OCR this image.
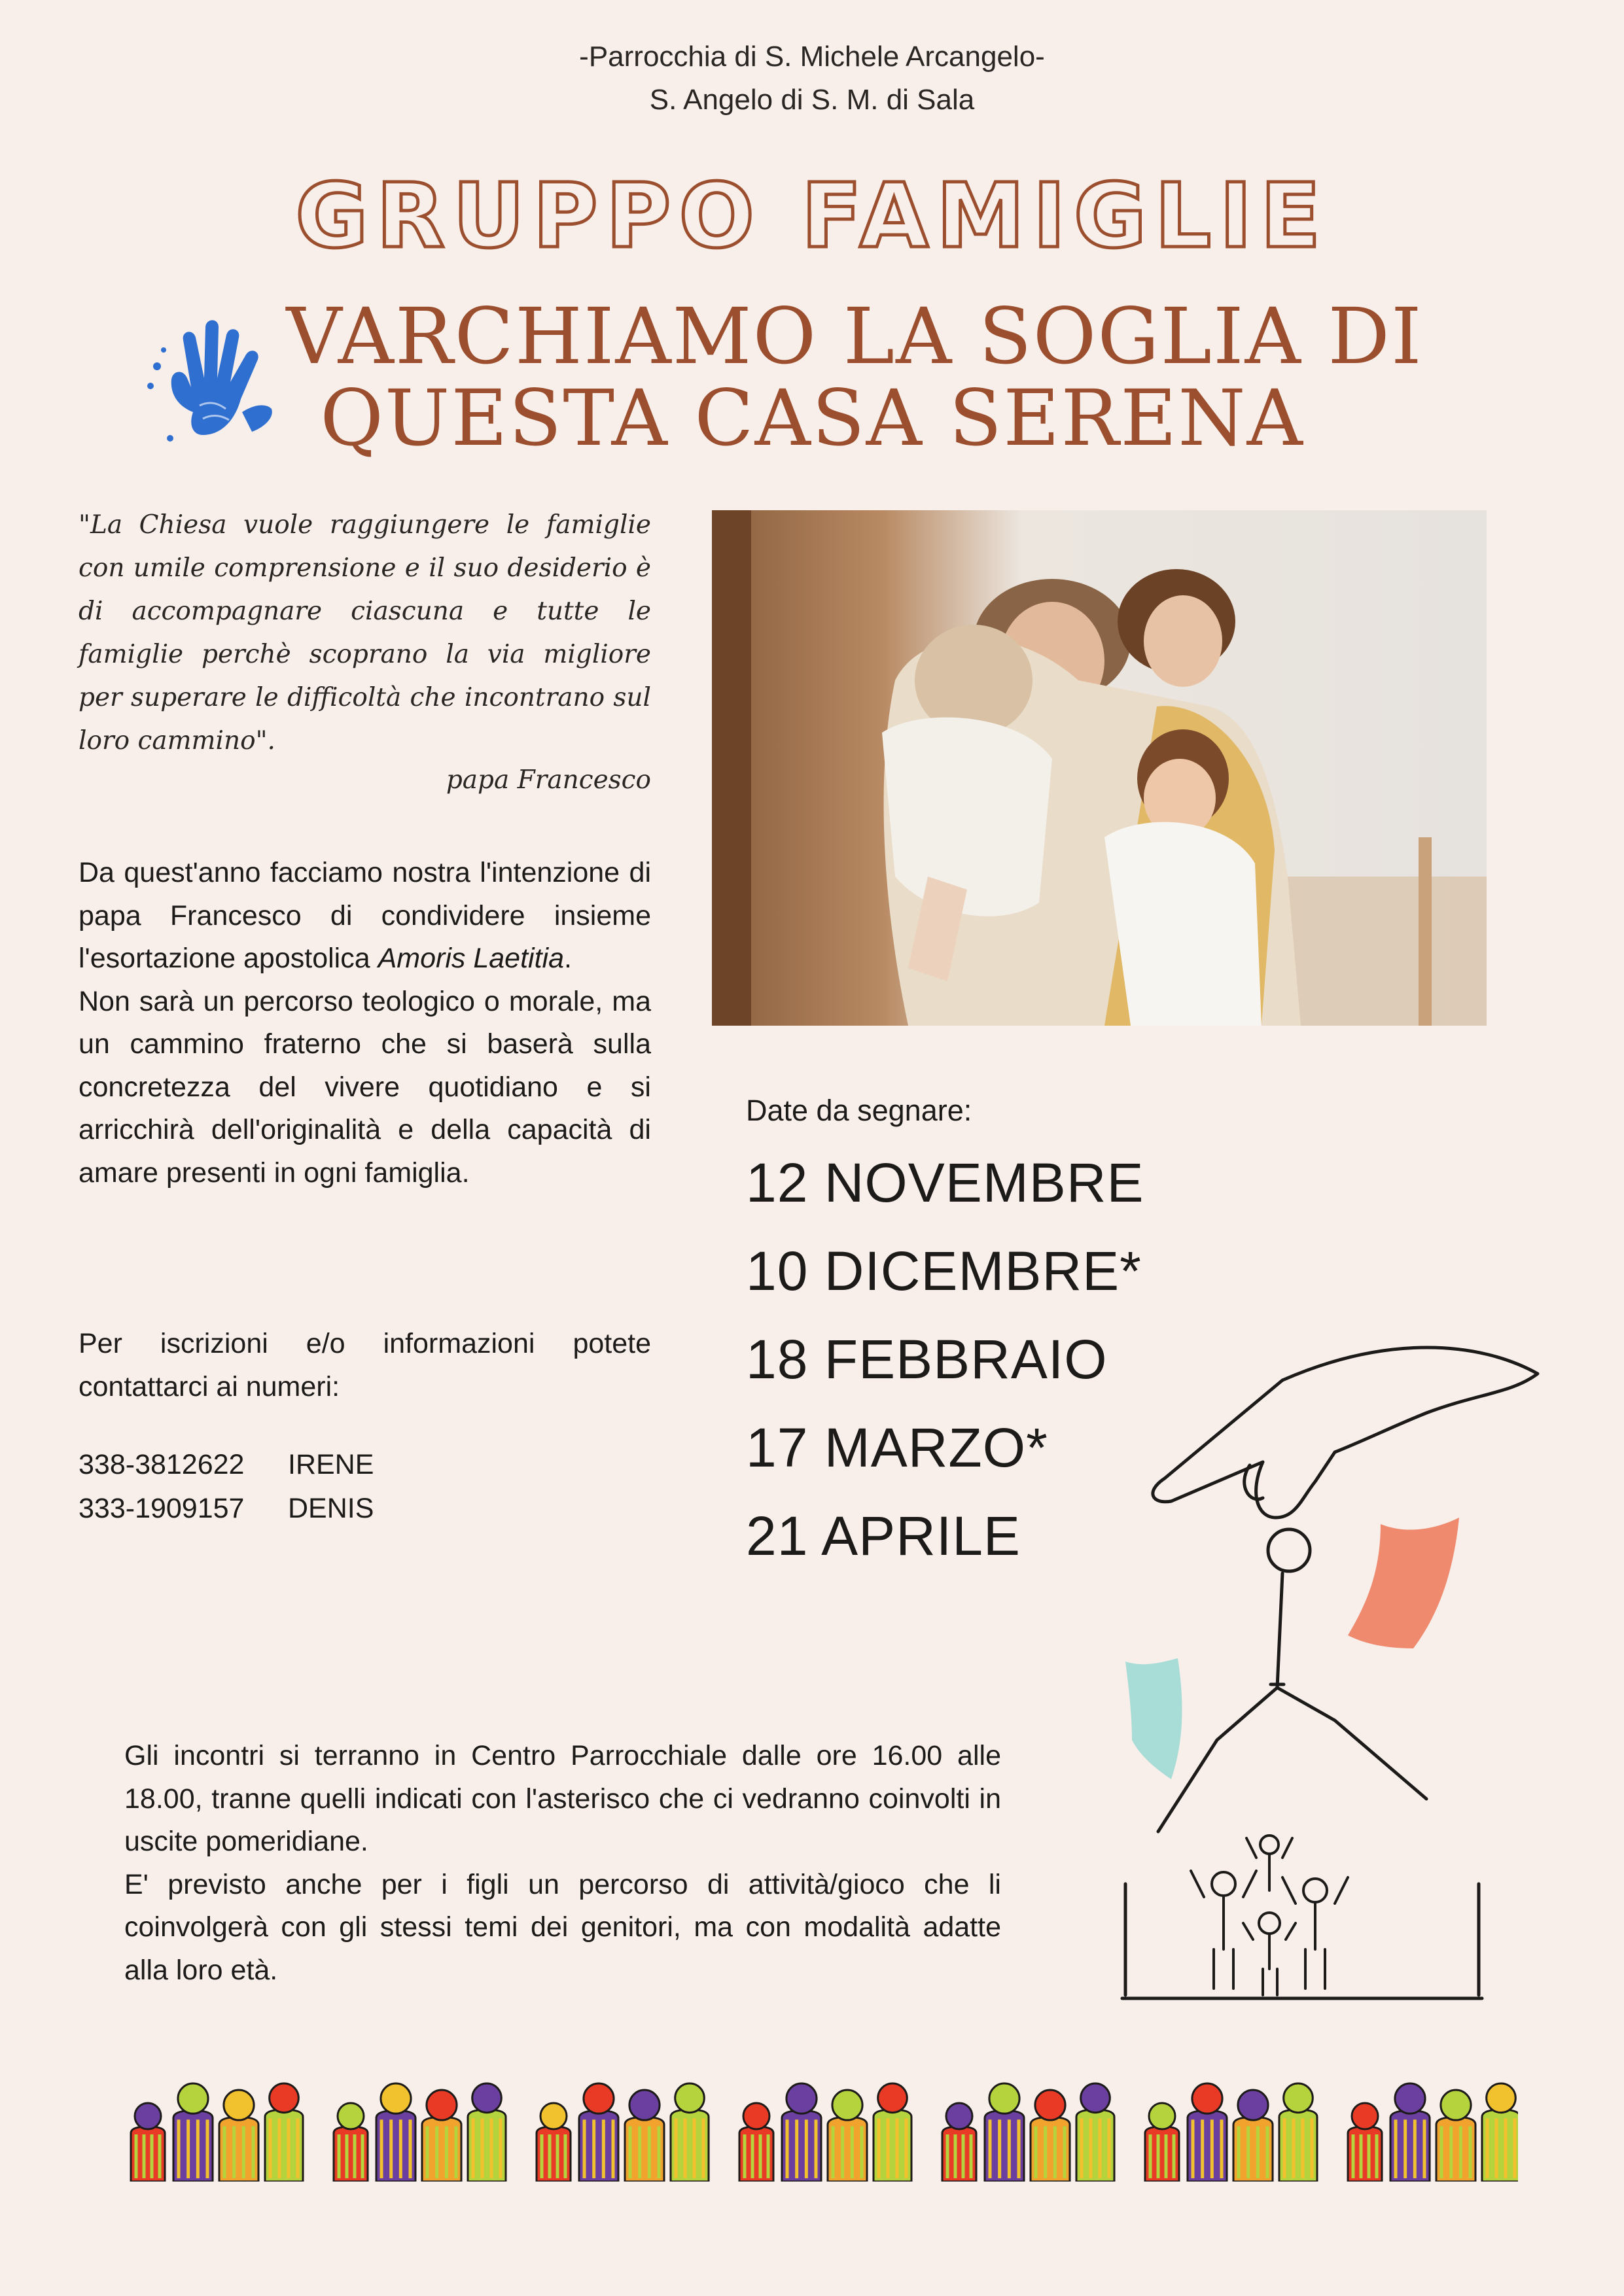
-Parrocchia di S. Michele Arcangelo-
S. Angelo di S. M. di Sala
GRUPPO FAMIGLIE
VARCHIAMO LA SOGLIA DI
QUESTA CASA SERENA
"La Chiesa vuole raggiungere le famiglie con umile comprensione e il suo desiderio è di accompagnare ciascuna e tutte le famiglie perchè scoprano la via migliore per superare le difficoltà che incontrano sul loro cammino".
papa Francesco
Da quest'anno facciamo nostra l'intenzione di papa Francesco di condividere insieme l'esortazione apostolica Amoris Laetitia.
Non sarà un percorso teologico o morale, ma un cammino fraterno che si baserà sulla concretezza del vivere quotidiano e si arricchirà dell'originalità e della capacità di amare presenti in ogni famiglia.
Per iscrizioni e/o informazioni potete contattarci ai numeri:
338-3812622 IRENE
333-1909157 DENIS
Date da segnare:
12 NOVEMBRE
10 DICEMBRE*
18 FEBBRAIO
17 MARZO*
21 APRILE
Gli incontri si terranno in Centro Parrocchiale dalle ore 16.00 alle 18.00, tranne quelli indicati con l'asterisco che ci vedranno coinvolti in uscite pomeridiane.
E' previsto anche per i figli un percorso di attività/gioco che li coinvolgerà con gli stessi temi dei genitori, ma con modalità adatte alla loro età.
